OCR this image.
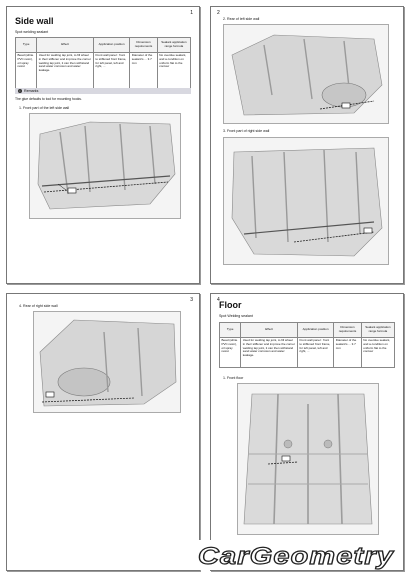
1
Side wall
Spot welding sealant
Type	Effect	Application position	Dimension requirements	Sealant application range formula
Bead (white PVC resin), oil spray resist	Used for welding lap joint, to fill wheel in their stiffener and improve the corner welding lap joint, it can then withstand sand water corrosion and water leakage.	Front wall panel : front to stiffened front frame, for left panel, left and right, ...	Diameter of the sealant's ... 3.7 mm	No overdue sealant, and a condition on uniform flat to the contour
i Remarks
The glue defaults to tool for mounting hooks.
1. Front part of the left side wall
2
2. Rear of left side wall
3. Front part of right side wall
3
4. Rear of right side wall
4 Floor
Spot Welding sealant
Type	Effect	Application position	Dimension requirements	Sealant application range formula
Bead (white PVC resin), oil spray resist	Used for welding lap joint, to fill wheel in their stiffener and improve the corner welding lap joint, it can then withstand sand water corrosion and water leakage.	Front wall panel : front to stiffened front frame, for left panel, left and right, ...	Diameter of the sealant's ... 3.7 mm	No overdue sealant, and a condition on uniform flat to the contour
1. Front floor
CarGeometry
